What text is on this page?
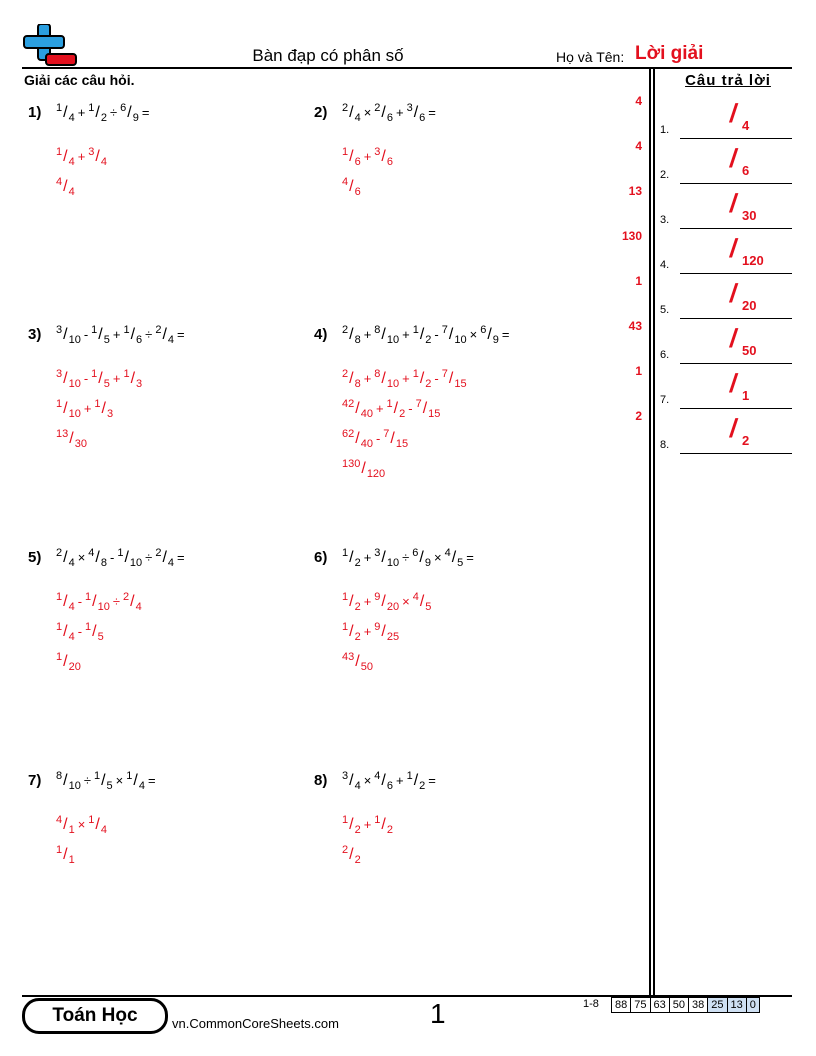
Bàn đạp có phân số	Họ và Tên: Lời giải
Giải các câu hỏi.
1) $^1/_4 + ^1/_2 \div ^6/_9$ =
$^1/_4 + ^3/_4$
$^4/_4$
2) $^2/_4 \times ^2/_6 + ^3/_6$ =
$^1/_6 + ^3/_6$
$^4/_6$
3) $^3/_{10} - ^1/_5 + ^1/_6 \div ^2/_4$ =
$^3/_{10} - ^1/_5 + ^1/_3$
$^1/_{10} + ^1/_3$
$^{13}/_{30}$
4) $^2/_8 + ^8/_{10} + ^1/_2 - ^7/_{10} \times ^6/_9$ =
$^2/_8 + ^8/_{10} + ^1/_2 - ^7/_{15}$
$^{42}/_{40} + ^1/_2 - ^7/_{15}$
$^{62}/_{40} - ^7/_{15}$
$^{130}/_{120}$
5) $^2/_4 \times ^4/_8 - ^1/_{10} \div ^2/_4$ =
$^1/_4 - ^1/_{10} \div ^2/_4$
$^1/_4 - ^1/_5$
$^1/_{20}$
6) $^1/_2 + ^3/_{10} \div ^6/_9 \times ^4/_5$ =
$^1/_2 + ^9/_{20} \times ^4/_5$
$^1/_2 + ^9/_{25}$
$^{43}/_{50}$
7) $^8/_{10} \div ^1/_5 \times ^1/_4$ =
$^4/_1 \times ^1/_4$
$^1/_1$
8) $^3/_4 \times ^4/_6 + ^1/_2$ =
$^1/_2 + ^1/_2$
$^2/_2$
Câu trả lời
1.
4	/ 4
2.
4	/ 6
3.
13	/ 30
4.
130	/ 120
5.
1	/ 20
6.
43	/ 50
7.
1	/ 1
8.
2	/ 2
Toán Học	vn.CommonCoreSheets.com	1	1-8 88 75 63 50 38 25 13 0
